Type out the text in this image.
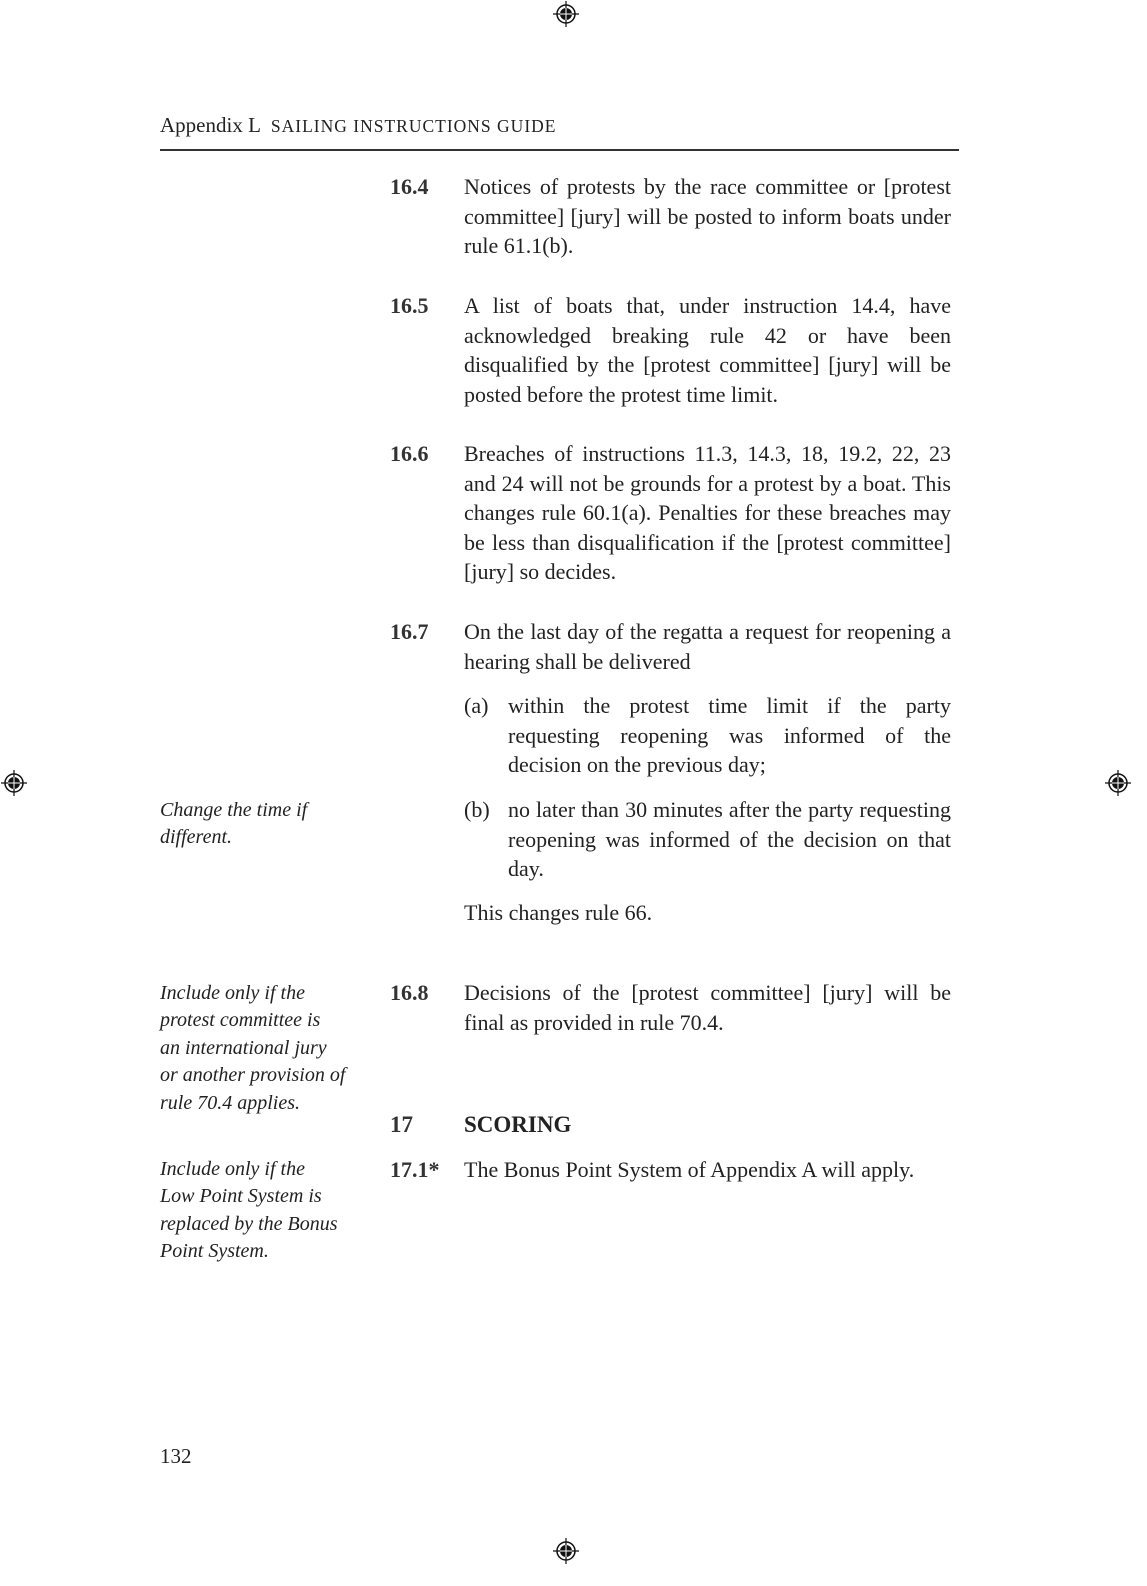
Appendix L SAILING INSTRUCTIONS GUIDE
16.4 Notices of protests by the race committee or [protest committee] [jury] will be posted to inform boats under rule 61.1(b).
16.5 A list of boats that, under instruction 14.4, have acknowledged breaking rule 42 or have been disqualified by the [protest committee] [jury] will be posted before the protest time limit.
16.6 Breaches of instructions 11.3, 14.3, 18, 19.2, 22, 23 and 24 will not be grounds for a protest by a boat. This changes rule 60.1(a). Penalties for these breaches may be less than disqualification if the [protest committee] [jury] so decides.
16.7 On the last day of the regatta a request for reopening a hearing shall be delivered
(a) within the protest time limit if the party requesting reopening was informed of the decision on the previous day;
(b) no later than 30 minutes after the party requesting reopening was informed of the decision on that day.
This changes rule 66.
16.8 Decisions of the [protest committee] [jury] will be final as provided in rule 70.4.
17 SCORING
17.1* The Bonus Point System of Appendix A will apply.
Change the time if
different.
Include only if the
protest committee is
an international jury
or another provision of
rule 70.4 applies.
Include only if the
Low Point System is
replaced by the Bonus
Point System.
132
